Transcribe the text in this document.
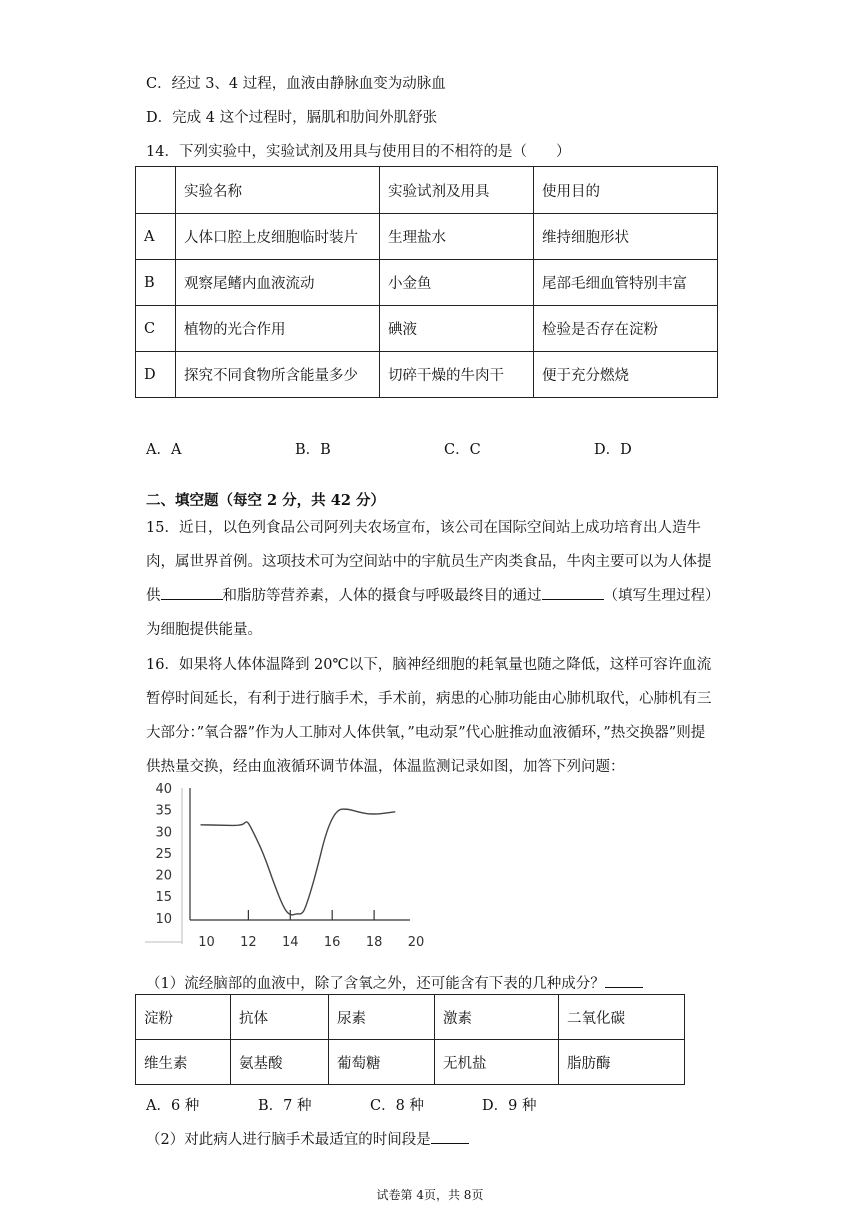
C．经过 3、4 过程，血液由静脉血变为动脉血
D．完成 4 这个过程时，膈肌和肋间外肌舒张
14．下列实验中，实验试剂及用具与使用目的不相符的是（　　）
	实验名称	实验试剂及用具	使用目的
A	人体口腔上皮细胞临时装片	生理盐水	维持细胞形状
B	观察尾鳍内血液流动	小金鱼	尾部毛细血管特别丰富
C	植物的光合作用	碘液	检验是否存在淀粉
D	探究不同食物所含能量多少	切碎干燥的牛肉干	便于充分燃烧
A．A	B．B	C．C	D．D
二、填空题（每空 2 分，共 42 分）
15．近日，以色列食品公司阿列夫农场宣布，该公司在国际空间站上成功培育出人造牛肉，属世界首例。这项技术可为空间站中的宇航员生产肉类食品，牛肉主要可以为人体提供	和脂肪等营养素，人体的摄食与呼吸最终目的通过	（填写生理过程）为细胞提供能量。
16．如果将人体体温降到 20℃以下，脑神经细胞的耗氧量也随之降低，这样可容许血流暂停时间延长，有利于进行脑手术，手术前，病患的心肺功能由心肺机取代，心肺机有三大部分：”氧合器”作为人工肺对人体供氧，”电动泵”代心脏推动血液循环，”热交换器”则提供热量交换，经由血液循环调节体温，体温监测记录如图，加答下列问题：
10
15
20
25
30
35
40
10 12 14 16 18 20
（1）流经脑部的血液中，除了含氧之外，还可能含有下表的几种成分？
淀粉	抗体	尿素	激素	二氧化碳
维生素	氨基酸	葡萄糖	无机盐	脂肪酶
A．6 种	B．7 种	C．8 种	D．9 种
（2）对此病人进行脑手术最适宜的时间段是
试卷第 4页，共 8页
